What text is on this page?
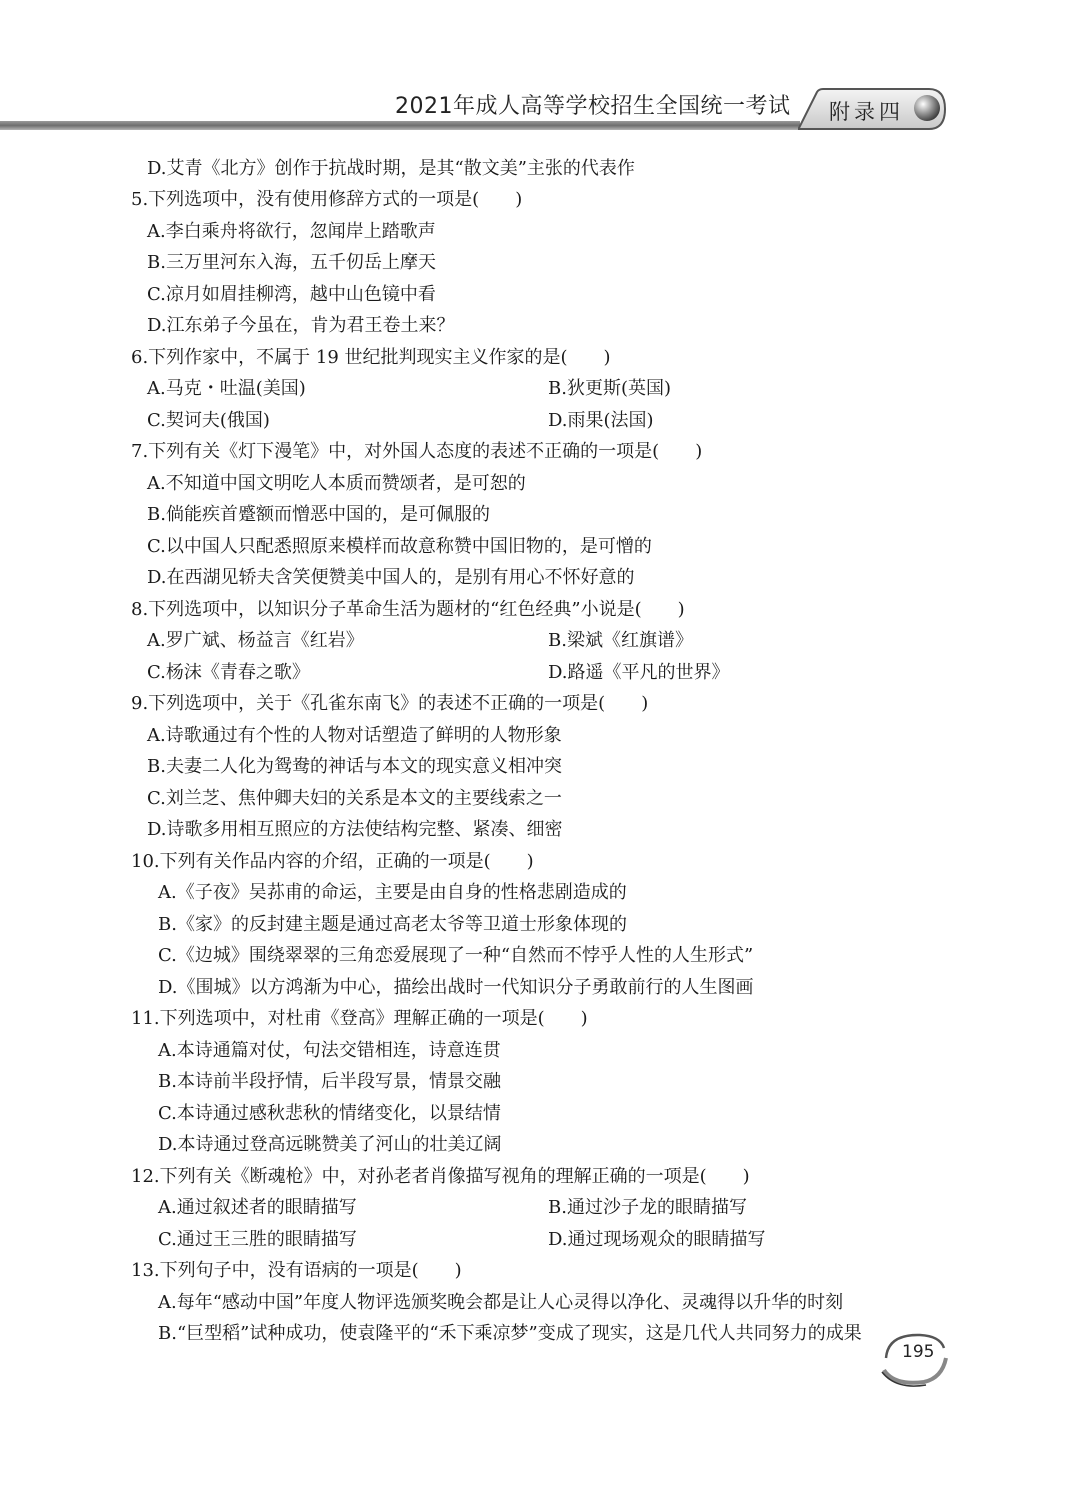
2021年成人高等学校招生全国统一考试 附录四
D.艾青《北方》创作于抗战时期，是其“散文美”主张的代表作
5.下列选项中，没有使用修辞方式的一项是(　　)
A.李白乘舟将欲行，忽闻岸上踏歌声
B.三万里河东入海，五千仞岳上摩天
C.凉月如眉挂柳湾，越中山色镜中看
D.江东弟子今虽在，肯为君王卷土来？
6.下列作家中，不属于 19 世纪批判现实主义作家的是(　　)
A.马克・吐温(美国)	B.狄更斯(英国)
C.契诃夫(俄国)	D.雨果(法国)
7.下列有关《灯下漫笔》中，对外国人态度的表述不正确的一项是(　　)
A.不知道中国文明吃人本质而赞颂者，是可恕的
B.倘能疾首蹙额而憎恶中国的，是可佩服的
C.以中国人只配悉照原来模样而故意称赞中国旧物的，是可憎的
D.在西湖见轿夫含笑便赞美中国人的，是别有用心不怀好意的
8.下列选项中，以知识分子革命生活为题材的“红色经典”小说是(　　)
A.罗广斌、杨益言《红岩》	B.梁斌《红旗谱》
C.杨沫《青春之歌》	D.路遥《平凡的世界》
9.下列选项中，关于《孔雀东南飞》的表述不正确的一项是(　　)
A.诗歌通过有个性的人物对话塑造了鲜明的人物形象
B.夫妻二人化为鸳鸯的神话与本文的现实意义相冲突
C.刘兰芝、焦仲卿夫妇的关系是本文的主要线索之一
D.诗歌多用相互照应的方法使结构完整、紧凑、细密
10.下列有关作品内容的介绍，正确的一项是(　　)
A.《子夜》吴荪甫的命运，主要是由自身的性格悲剧造成的
B.《家》的反封建主题是通过高老太爷等卫道士形象体现的
C.《边城》围绕翠翠的三角恋爱展现了一种“自然而不悖乎人性的人生形式”
D.《围城》以方鸿渐为中心，描绘出战时一代知识分子勇敢前行的人生图画
11.下列选项中，对杜甫《登高》理解正确的一项是(　　)
A.本诗通篇对仗，句法交错相连，诗意连贯
B.本诗前半段抒情，后半段写景，情景交融
C.本诗通过感秋悲秋的情绪变化，以景结情
D.本诗通过登高远眺赞美了河山的壮美辽阔
12.下列有关《断魂枪》中，对孙老者肖像描写视角的理解正确的一项是(　　)
A.通过叙述者的眼睛描写	B.通过沙子龙的眼睛描写
C.通过王三胜的眼睛描写	D.通过现场观众的眼睛描写
13.下列句子中，没有语病的一项是(　　)
A.每年“感动中国”年度人物评选颁奖晚会都是让人心灵得以净化、灵魂得以升华的时刻
B.“巨型稻”试种成功，使袁隆平的“禾下乘凉梦”变成了现实，这是几代人共同努力的成果
195
